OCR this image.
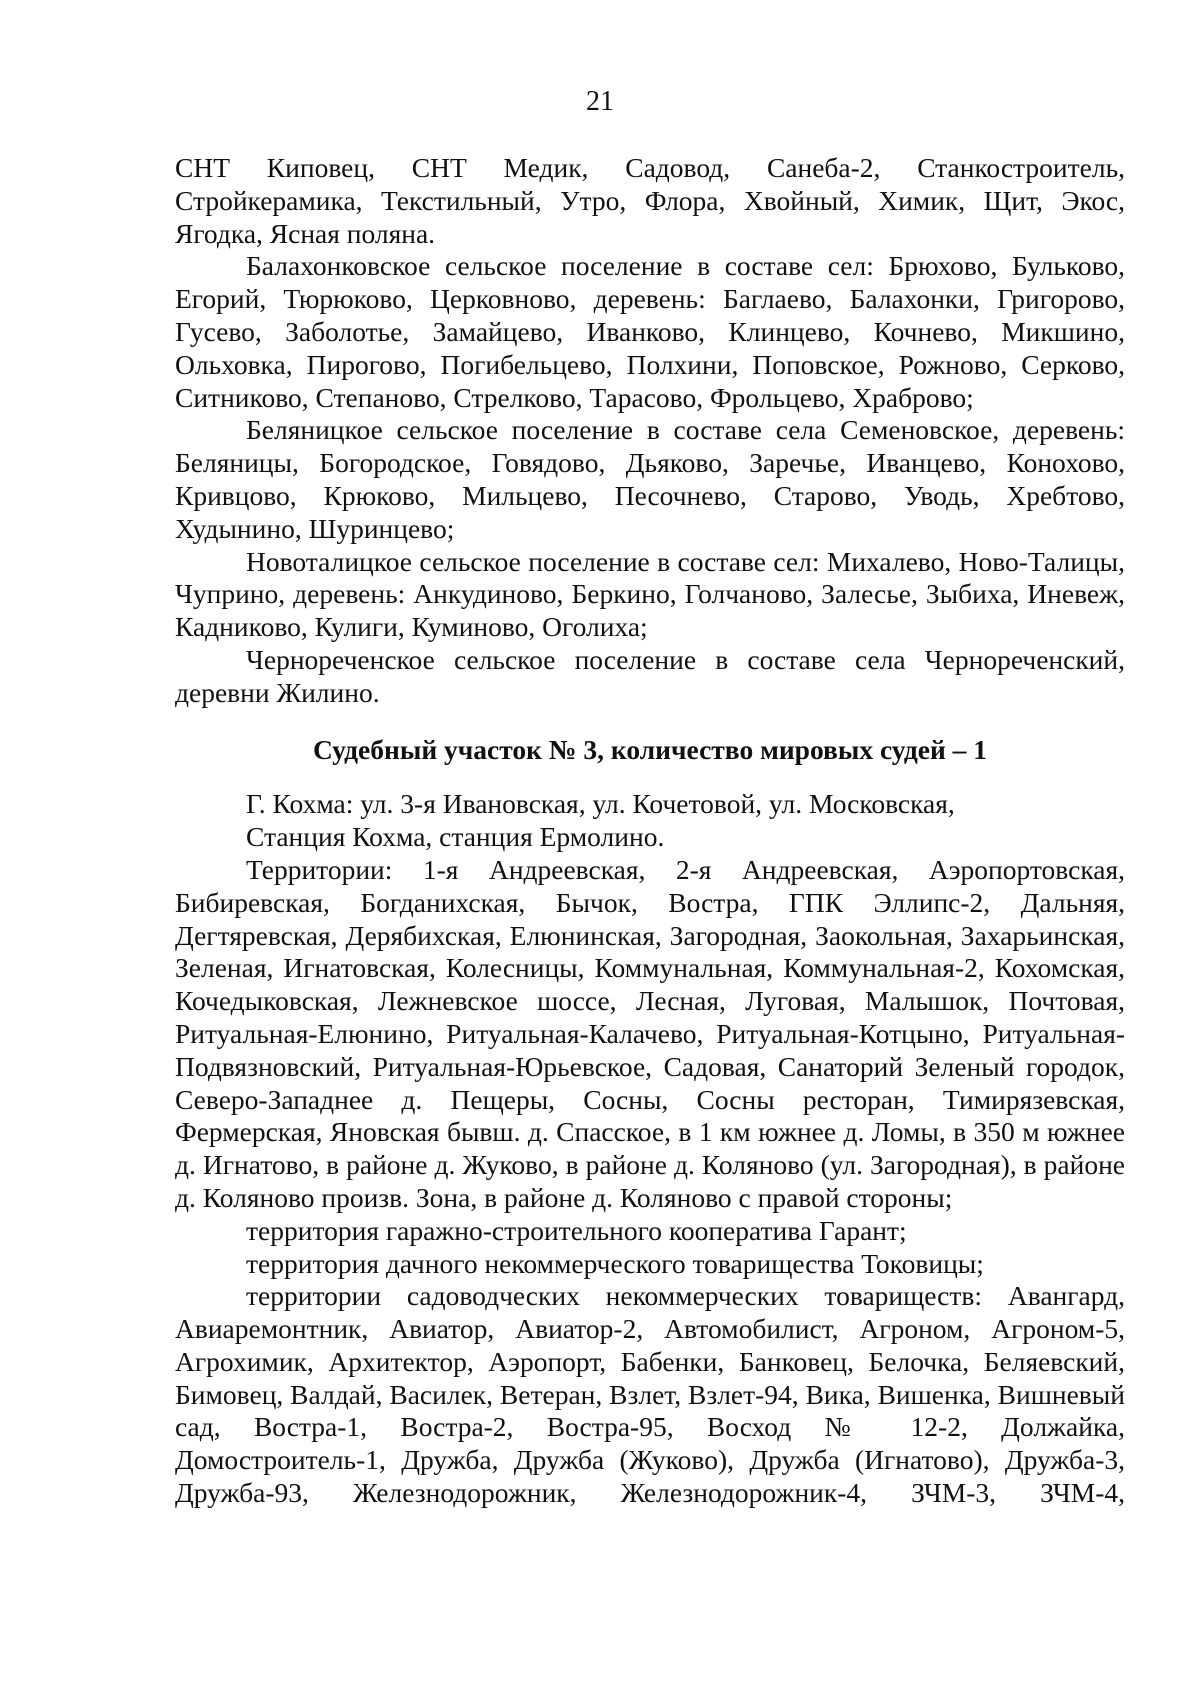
21

СНТ Киповец, СНТ Медик, Садовод, Санеба-2, Станкостроитель, Стройкерамика, Текстильный, Утро, Флора, Хвойный, Химик, Щит, Экос, Ягодка, Ясная поляна.

Балахонковское сельское поселение в составе сел: Брюхово, Бульково, Егорий, Тюрюково, Церковново, деревень: Баглаево, Балахонки, Григорово, Гусево, Заболотье, Замайцево, Иванково, Клинцево, Кочнево, Микшино, Ольховка, Пирогово, Погибельцево, Полхини, Поповское, Рожново, Серково, Ситниково, Степаново, Стрелково, Тарасово, Фрольцево, Храброво;

Беляницкое сельское поселение в составе села Семеновское, деревень: Беляницы, Богородское, Говядово, Дьяково, Заречье, Иванцево, Конохово, Кривцово, Крюково, Мильцево, Песочнево, Старово, Уводь, Хребтово, Худынино, Шуринцево;

Новоталицкое сельское поселение в составе сел: Михалево, Ново-Талицы, Чуприно, деревень: Анкудиново, Беркино, Голчаново, Залесье, Зыбиха, Иневеж, Кадниково, Кулиги, Куминово, Оголиха;

Чернореченское сельское поселение в составе села Чернореченский, деревни Жилино.

Судебный участок № 3, количество мировых судей – 1

Г. Кохма: ул. 3-я Ивановская, ул. Кочетовой, ул. Московская,

Станция Кохма, станция Ермолино.

Территории: 1-я Андреевская, 2-я Андреевская, Аэропортовская, Бибиревская, Богданихская, Бычок, Востра, ГПК Эллипс-2, Дальняя, Дегтяревская, Дерябихская, Елюнинская, Загородная, Заокольная, Захарьинская, Зеленая, Игнатовская, Колесницы, Коммунальная, Коммунальная-2, Кохомская, Кочедыковская, Лежневское шоссе, Лесная, Луговая, Малышок, Почтовая, Ритуальная-Елюнино, Ритуальная-Калачево, Ритуальная-Котцыно, Ритуальная-Подвязновский, Ритуальная-Юрьевское, Садовая, Санаторий Зеленый городок, Северо-Западнее д. Пещеры, Сосны, Сосны ресторан, Тимирязевская, Фермерская, Яновская бывш. д. Спасское, в 1 км южнее д. Ломы, в 350 м южнее д. Игнатово, в районе д. Жуково, в районе д. Коляново (ул. Загородная), в районе д. Коляново произв. Зона, в районе д. Коляново с правой стороны;

территория гаражно-строительного кооператива Гарант;

территория дачного некоммерческого товарищества Токовицы;

территории садоводческих некоммерческих товариществ: Авангард, Авиаремонтник, Авиатор, Авиатор-2, Автомобилист, Агроном, Агроном-5, Агрохимик, Архитектор, Аэропорт, Бабенки, Банковец, Белочка, Беляевский, Бимовец, Валдай, Василек, Ветеран, Взлет, Взлет-94, Вика, Вишенка, Вишневый сад, Востра-1, Востра-2, Востра-95, Восход № 12-2, Должайка, Домостроитель-1, Дружба, Дружба (Жуково), Дружба (Игнатово), Дружба-3, Дружба-93, Железнодорожник, Железнодорожник-4, ЗЧМ-3, ЗЧМ-4,
